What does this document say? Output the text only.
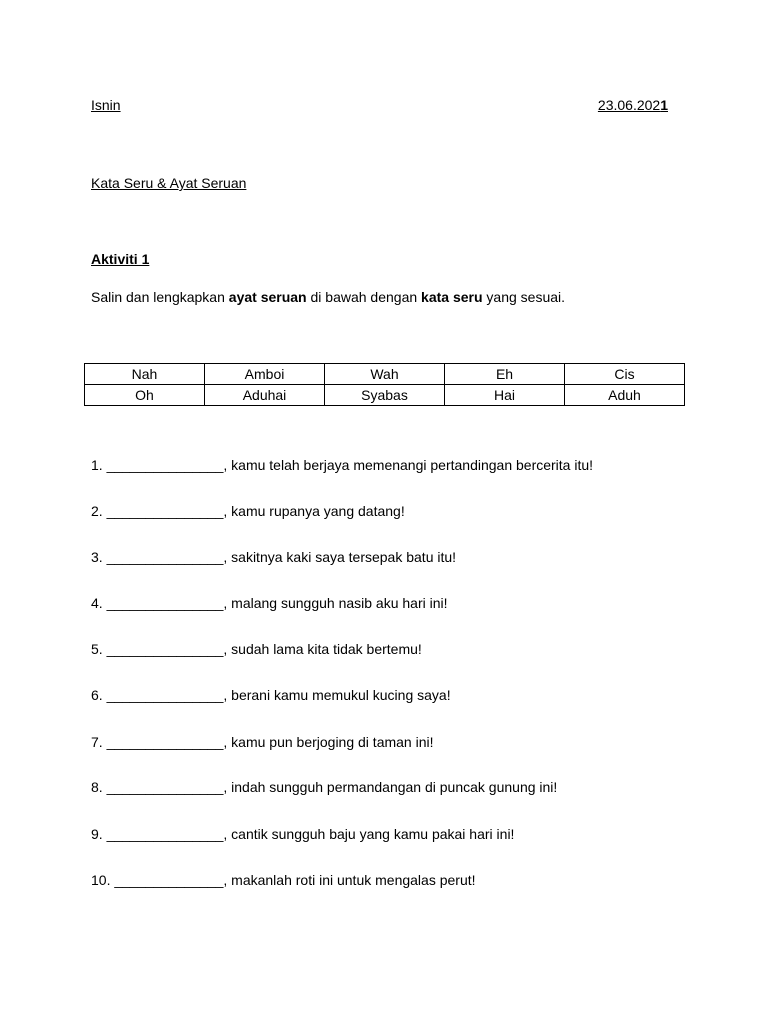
Isnin	23.06.2021
Kata Seru & Ayat Seruan
Aktiviti 1
Salin dan lengkapkan ayat seruan di bawah dengan kata seru yang sesuai.
Nah	Amboi	Wah	Eh	Cis
Oh	Aduhai	Syabas	Hai	Aduh
1. _______________, kamu telah berjaya memenangi pertandingan bercerita itu!
2. _______________, kamu rupanya yang datang!
3. _______________, sakitnya kaki saya tersepak batu itu!
4. _______________, malang sungguh nasib aku hari ini!
5. _______________, sudah lama kita tidak bertemu!
6. _______________, berani kamu memukul kucing saya!
7. _______________, kamu pun berjoging di taman ini!
8. _______________, indah sungguh permandangan di puncak gunung ini!
9. _______________, cantik sungguh baju yang kamu pakai hari ini!
10. ______________, makanlah roti ini untuk mengalas perut!
